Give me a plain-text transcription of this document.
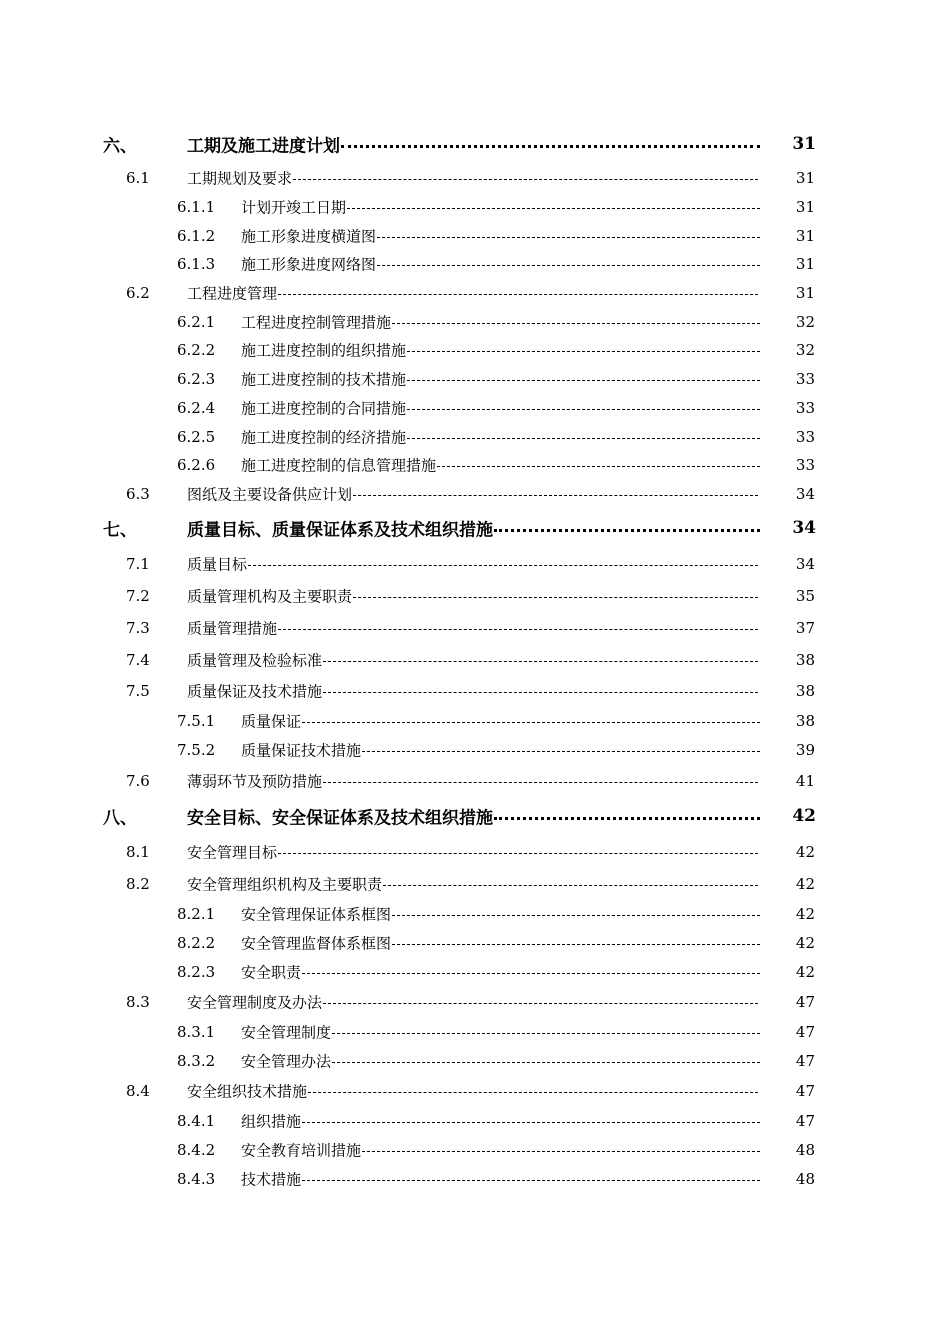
六、	工期及施工进度计划	31
6.1 工期规划及要求	31
6.1.1 计划开竣工日期	31
6.1.2 施工形象进度横道图	31
6.1.3 施工形象进度网络图	31
6.2 工程进度管理	31
6.2.1 工程进度控制管理措施	32
6.2.2 施工进度控制的组织措施	32
6.2.3 施工进度控制的技术措施	33
6.2.4 施工进度控制的合同措施	33
6.2.5 施工进度控制的经济措施	33
6.2.6 施工进度控制的信息管理措施	33
6.3 图纸及主要设备供应计划	34
七、	质量目标、质量保证体系及技术组织措施	34
7.1 质量目标	34
7.2 质量管理机构及主要职责	35
7.3 质量管理措施	37
7.4 质量管理及检验标准	38
7.5 质量保证及技术措施	38
7.5.1 质量保证	38
7.5.2 质量保证技术措施	39
7.6 薄弱环节及预防措施	41
八、	安全目标、安全保证体系及技术组织措施	42
8.1 安全管理目标	42
8.2 安全管理组织机构及主要职责	42
8.2.1 安全管理保证体系框图	42
8.2.2 安全管理监督体系框图	42
8.2.3 安全职责	42
8.3 安全管理制度及办法	47
8.3.1 安全管理制度	47
8.3.2 安全管理办法	47
8.4 安全组织技术措施	47
8.4.1 组织措施	47
8.4.2 安全教育培训措施	48
8.4.3 技术措施	48
